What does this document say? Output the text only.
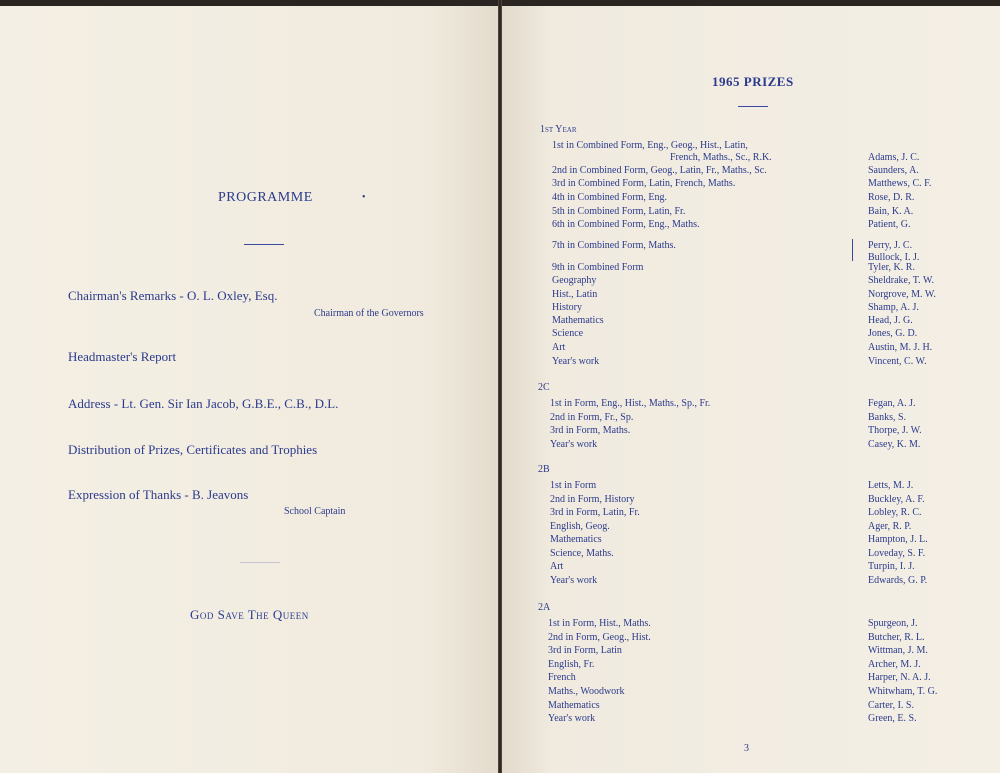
PROGRAMME	•
Chairman's Remarks - O. L. Oxley, Esq.
Chairman of the Governors
Headmaster's Report
Address - Lt. Gen. Sir Ian Jacob, G.B.E., C.B., D.L.
Distribution of Prizes, Certificates and Trophies
Expression of Thanks - B. Jeavons
School Captain
God Save The Queen
1965 PRIZES
1st Year
1st in Combined Form, Eng., Geog., Hist., Latin,
French, Maths., Sc., R.K.	Adams, J. C.
2nd in Combined Form, Geog., Latin, Fr., Maths., Sc.	Saunders, A.
3rd in Combined Form, Latin, French, Maths.	Matthews, C. F.
4th in Combined Form, Eng.	Rose, D. R.
5th in Combined Form, Latin, Fr.	Bain, K. A.
6th in Combined Form, Eng., Maths.	Patient, G.
7th in Combined Form, Maths.	Perry, J. C.
Bullock, I. J.
9th in Combined Form	Tyler, K. R.
Geography	Sheldrake, T. W.
Hist., Latin	Norgrove, M. W.
History	Shamp, A. J.
Mathematics	Head, J. G.
Science	Jones, G. D.
Art	Austin, M. J. H.
Year's work	Vincent, C. W.
2C
1st in Form, Eng., Hist., Maths., Sp., Fr.	Fegan, A. J.
2nd in Form, Fr., Sp.	Banks, S.
3rd in Form, Maths.	Thorpe, J. W.
Year's work	Casey, K. M.
2B
1st in Form	Letts, M. J.
2nd in Form, History	Buckley, A. F.
3rd in Form, Latin, Fr.	Lobley, R. C.
English, Geog.	Ager, R. P.
Mathematics	Hampton, J. L.
Science, Maths.	Loveday, S. F.
Art	Turpin, I. J.
Year's work	Edwards, G. P.
2A
1st in Form, Hist., Maths.	Spurgeon, J.
2nd in Form, Geog., Hist.	Butcher, R. L.
3rd in Form, Latin	Wittman, J. M.
English, Fr.	Archer, M. J.
French	Harper, N. A. J.
Maths., Woodwork	Whitwham, T. G.
Mathematics	Carter, I. S.
Year's work	Green, E. S.
3
